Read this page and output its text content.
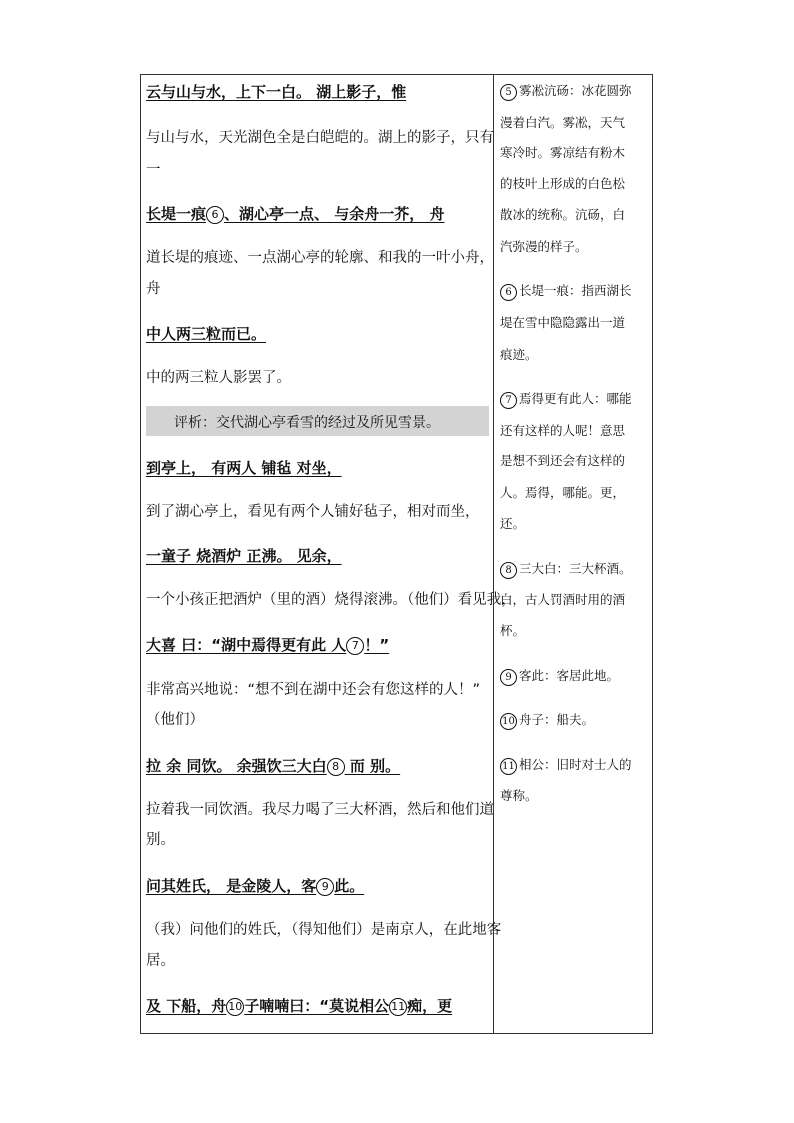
云与山与水，上下一白。 湖上影子，惟
与山与水，天光湖色全是白皑皑的。湖上的影子，只有
一
长堤一痕 6 、湖心亭一点、 与余舟一芥， 舟
道长堤的痕迹、一点湖心亭的轮廓、和我的一叶小舟，
舟
中人两三粒而已。
中的两三粒人影罢了。
到亭上， 有两人 铺毡 对坐，
到了湖心亭上，看见有两个人铺好毡子，相对而坐，
一童子 烧酒炉 正沸。 见余，
一个小孩正把酒炉（里的酒）烧得滚沸。（他们）看见我，
大喜 曰：“湖中焉得更有此 人 7 ！”
非常高兴地说：“想不到在湖中还会有您这样的人！”
（他们）
拉 余 同饮。 余强饮三大白 8 而 别。
拉着我一同饮酒。我尽力喝了三大杯酒，然后和他们道
别。
问其姓氏， 是金陵人，客 9 此。
（我）问他们的姓氏，（得知他们）是南京人，在此地客
居。
及 下船，舟 10 子喃喃曰：“莫说相公 11 痴，更
评析：交代湖心亭看雪的经过及所见雪景。
5 雾凇沆砀：冰花圆弥
漫着白汽。雾凇，天气
寒冷时。雾凉结有粉木
的枝叶上形成的白色松
散冰的统称。沆砀，白
汽弥漫的样子。
6 长堤一痕：指西湖长
堤在雪中隐隐露出一道
痕迹。
7 焉得更有此人：哪能
还有这样的人呢！意思
是想不到还会有这样的
人。焉得，哪能。更，
还。
8 三大白：三大杯酒。
白，古人罚酒时用的酒
杯。
9 客此：客居此地。
10 舟子：船夫。
11 相公：旧时对士人的
尊称。
